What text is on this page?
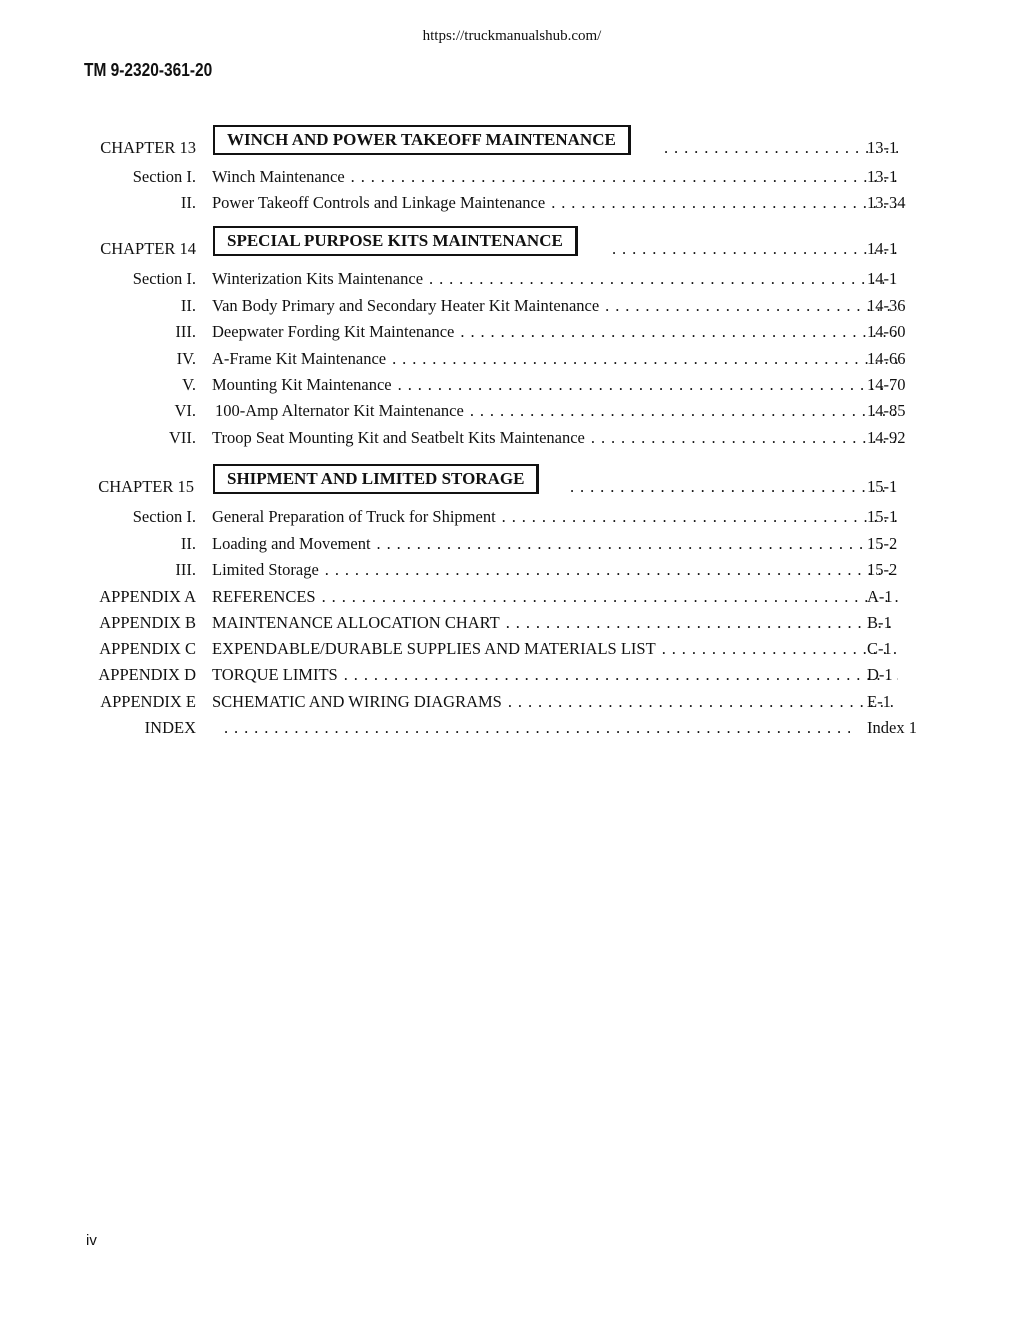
https://truckmanualshub.com/
TM 9-2320-361-20
CHAPTER 13	WINCH AND POWER TAKEOFF MAINTENANCE . . .	13-1
Section I. Winch Maintenance . . .	13-1
II. Power Takeoff Controls and Linkage Maintenance . . .	13-34
CHAPTER 14	SPECIAL PURPOSE KITS MAINTENANCE . . .	14-1
Section I. Winterization Kits Maintenance . . .	14-1
II. Van Body Primary and Secondary Heater Kit Maintenance . . .	14-36
III. Deepwater Fording Kit Maintenance . . .	14-60
IV. A-Frame Kit Maintenance . . .	14-66
V. Mounting Kit Maintenance . . .	14-70
VI. 100-Amp Alternator Kit Maintenance . . .	14-85
VII. Troop Seat Mounting Kit and Seatbelt Kits Maintenance . . .	14-92
CHAPTER 15	SHIPMENT AND LIMITED STORAGE . . .	15-1
Section I. General Preparation of Truck for Shipment . . .	15-1
II. Loading and Movement . . .	15-2
III. Limited Storage . . .	15-2
APPENDIX A REFERENCES . . .	A-1
APPENDIX B MAINTENANCE ALLOCATION CHART . . .	B-1
APPENDIX C EXPENDABLE/DURABLE SUPPLIES AND MATERIALS LIST . . .	C-1
APPENDIX D TORQUE LIMITS . . .	D-1
APPENDIX E SCHEMATIC AND WIRING DIAGRAMS . . .	E-1
INDEX . . .	Index 1
iv
